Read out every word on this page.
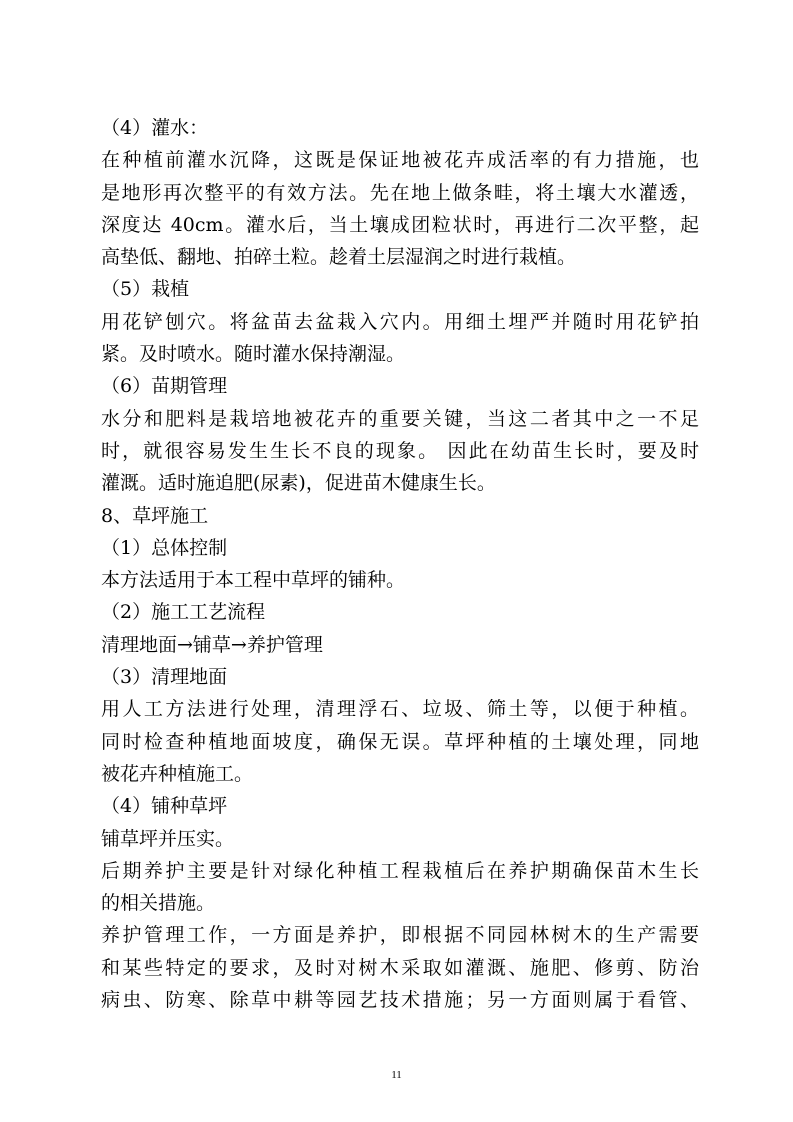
（4）灌水：
在种植前灌水沉降，这既是保证地被花卉成活率的有力措施，也
是地形再次整平的有效方法。先在地上做条畦，将土壤大水灌透，
深度达 40cm。灌水后，当土壤成团粒状时，再进行二次平整，起
高垫低、翻地、拍碎土粒。趁着土层湿润之时进行栽植。
（5）栽植
用花铲刨穴。将盆苗去盆栽入穴内。用细土埋严并随时用花铲拍
紧。及时喷水。随时灌水保持潮湿。
（6）苗期管理
水分和肥料是栽培地被花卉的重要关键，当这二者其中之一不足
时，就很容易发生生长不良的现象。 因此在幼苗生长时，要及时
灌溉。适时施追肥(尿素)，促进苗木健康生长。
8、草坪施工
（1）总体控制
本方法适用于本工程中草坪的铺种。
（2）施工工艺流程
清理地面→铺草→养护管理
（3）清理地面
用人工方法进行处理，清理浮石、垃圾、筛土等，以便于种植。
同时检查种植地面坡度，确保无误。草坪种植的土壤处理，同地
被花卉种植施工。
（4）铺种草坪
铺草坪并压实。
后期养护主要是针对绿化种植工程栽植后在养护期确保苗木生长
的相关措施。
养护管理工作，一方面是养护，即根据不同园林树木的生产需要
和某些特定的要求，及时对树木采取如灌溉、施肥、修剪、防治
病虫、防寒、除草中耕等园艺技术措施；另一方面则属于看管、
11
